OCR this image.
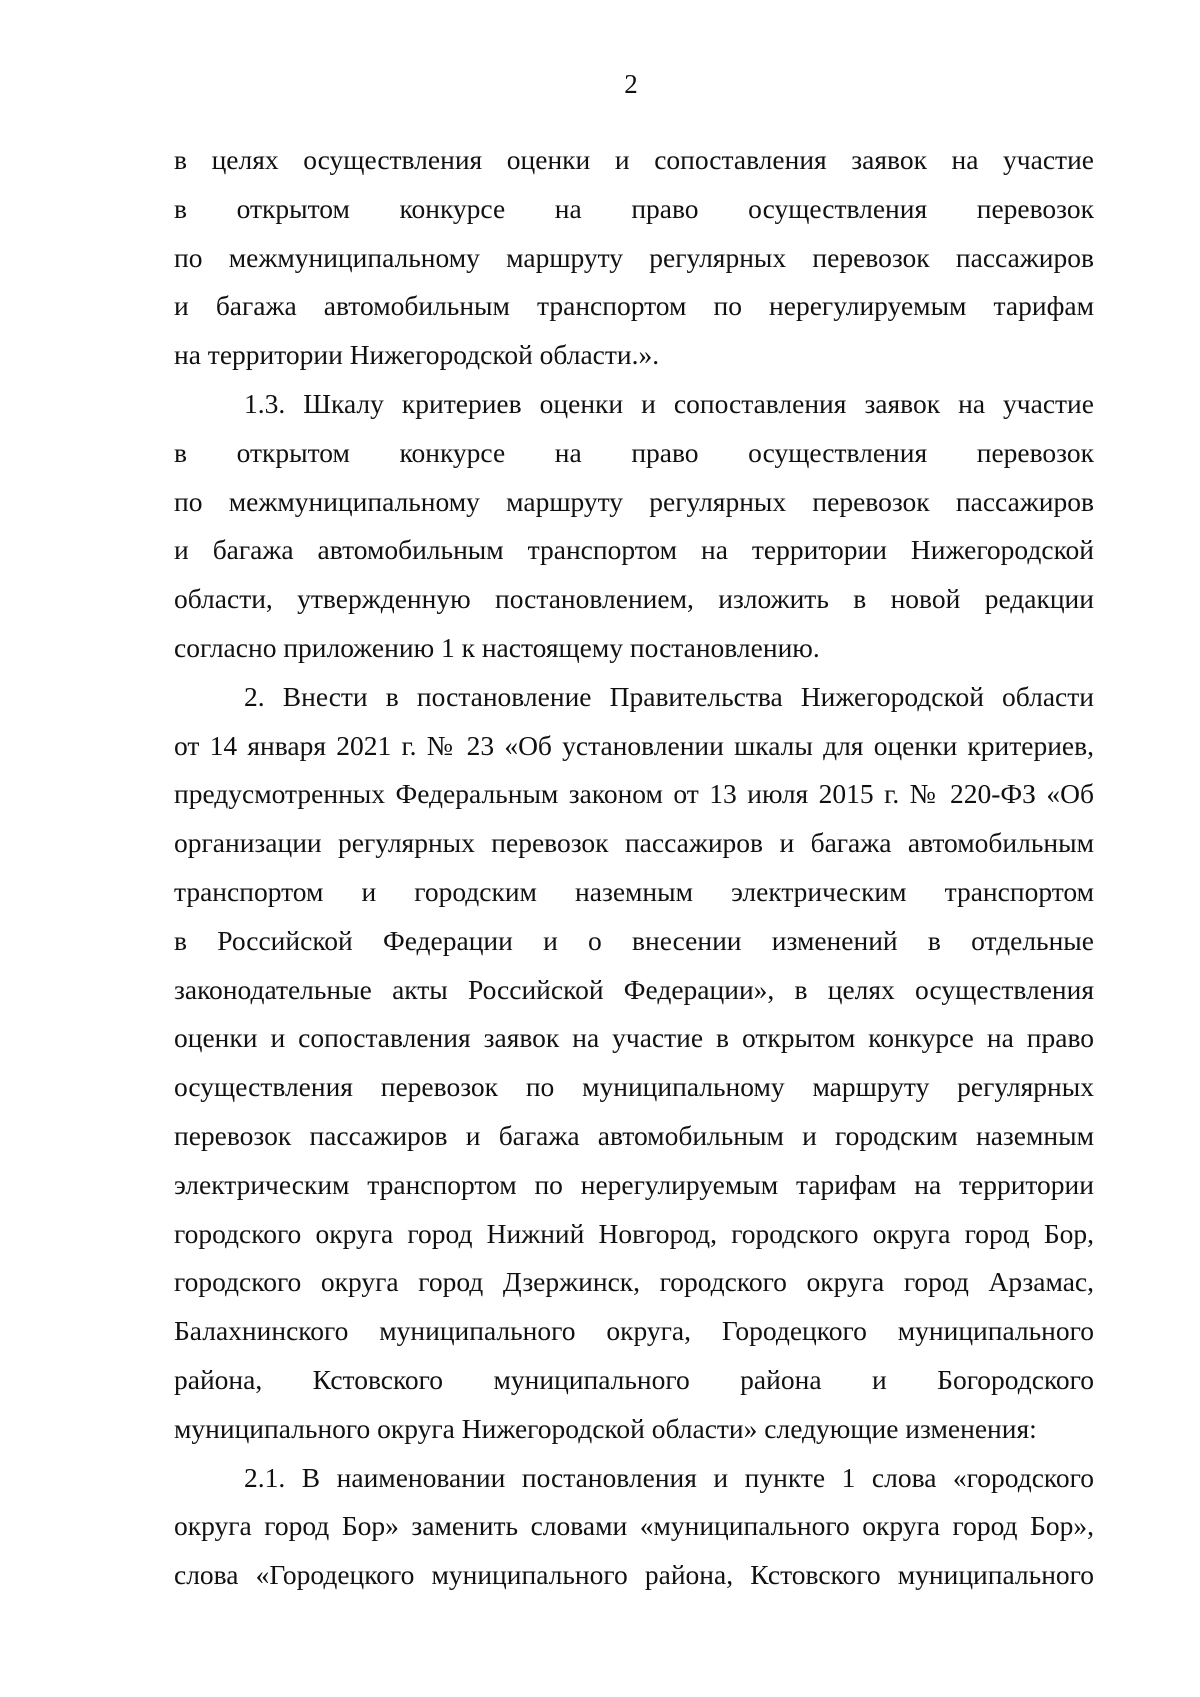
2
в целях осуществления оценки и сопоставления заявок на участие
в открытом конкурсе на право осуществления перевозок
по межмуниципальному маршруту регулярных перевозок пассажиров
и багажа автомобильным транспортом по нерегулируемым тарифам
на территории Нижегородской области.».
1.3. Шкалу критериев оценки и сопоставления заявок на участие
в открытом конкурсе на право осуществления перевозок
по межмуниципальному маршруту регулярных перевозок пассажиров
и багажа автомобильным транспортом на территории Нижегородской
области, утвержденную постановлением, изложить в новой редакции
согласно приложению 1 к настоящему постановлению.
2. Внести в постановление Правительства Нижегородской области
от 14 января 2021 г. № 23 «Об установлении шкалы для оценки критериев,
предусмотренных Федеральным законом от 13 июля 2015 г. № 220-ФЗ «Об
организации регулярных перевозок пассажиров и багажа автомобильным
транспортом и городским наземным электрическим транспортом
в Российской Федерации и о внесении изменений в отдельные
законодательные акты Российской Федерации», в целях осуществления
оценки и сопоставления заявок на участие в открытом конкурсе на право
осуществления перевозок по муниципальному маршруту регулярных
перевозок пассажиров и багажа автомобильным и городским наземным
электрическим транспортом по нерегулируемым тарифам на территории
городского округа город Нижний Новгород, городского округа город Бор,
городского округа город Дзержинск, городского округа город Арзамас,
Балахнинского муниципального округа, Городецкого муниципального
района, Кстовского муниципального района и Богородского
муниципального округа Нижегородской области» следующие изменения:
2.1. В наименовании постановления и пункте 1 слова «городского
округа город Бор» заменить словами «муниципального округа город Бор»,
слова «Городецкого муниципального района, Кстовского муниципального
